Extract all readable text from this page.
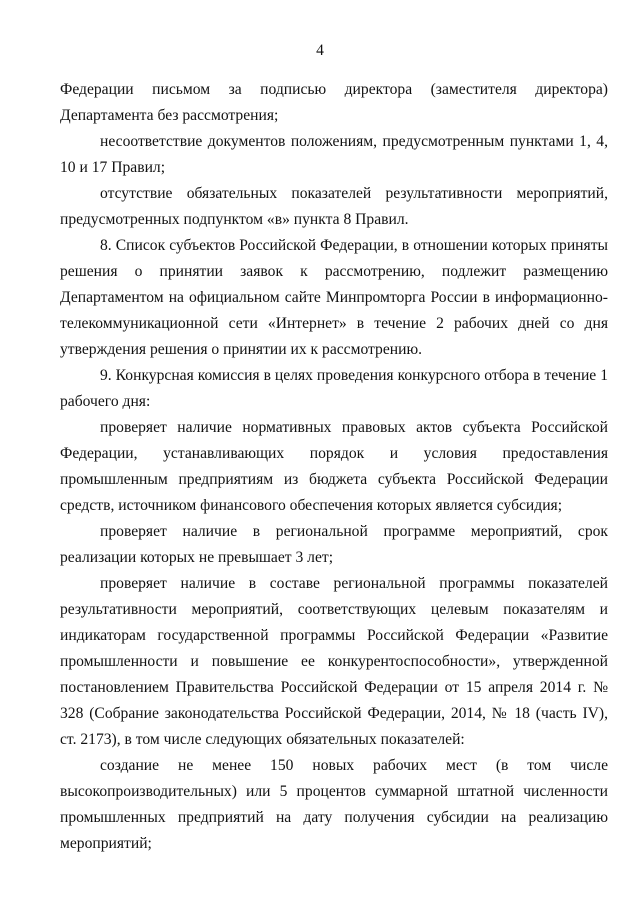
4

Федерации письмом за подписью директора (заместителя директора) Департамента без рассмотрения;

несоответствие документов положениям, предусмотренным пунктами 1, 4, 10 и 17 Правил;

отсутствие обязательных показателей результативности мероприятий, предусмотренных подпунктом «в» пункта 8 Правил.

8. Список субъектов Российской Федерации, в отношении которых приняты решения о принятии заявок к рассмотрению, подлежит размещению Департаментом на официальном сайте Минпромторга России в информационно-телекоммуникационной сети «Интернет» в течение 2 рабочих дней со дня утверждения решения о принятии их к рассмотрению.

9. Конкурсная комиссия в целях проведения конкурсного отбора в течение 1 рабочего дня:

проверяет наличие нормативных правовых актов субъекта Российской Федерации, устанавливающих порядок и условия предоставления промышленным предприятиям из бюджета субъекта Российской Федерации средств, источником финансового обеспечения которых является субсидия;

проверяет наличие в региональной программе мероприятий, срок реализации которых не превышает 3 лет;

проверяет наличие в составе региональной программы показателей результативности мероприятий, соответствующих целевым показателям и индикаторам государственной программы Российской Федерации «Развитие промышленности и повышение ее конкурентоспособности», утвержденной постановлением Правительства Российской Федерации от 15 апреля 2014 г. № 328 (Собрание законодательства Российской Федерации, 2014, № 18 (часть IV), ст. 2173), в том числе следующих обязательных показателей:

создание не менее 150 новых рабочих мест (в том числе высокопроизводительных) или 5 процентов суммарной штатной численности промышленных предприятий на дату получения субсидии на реализацию мероприятий;
